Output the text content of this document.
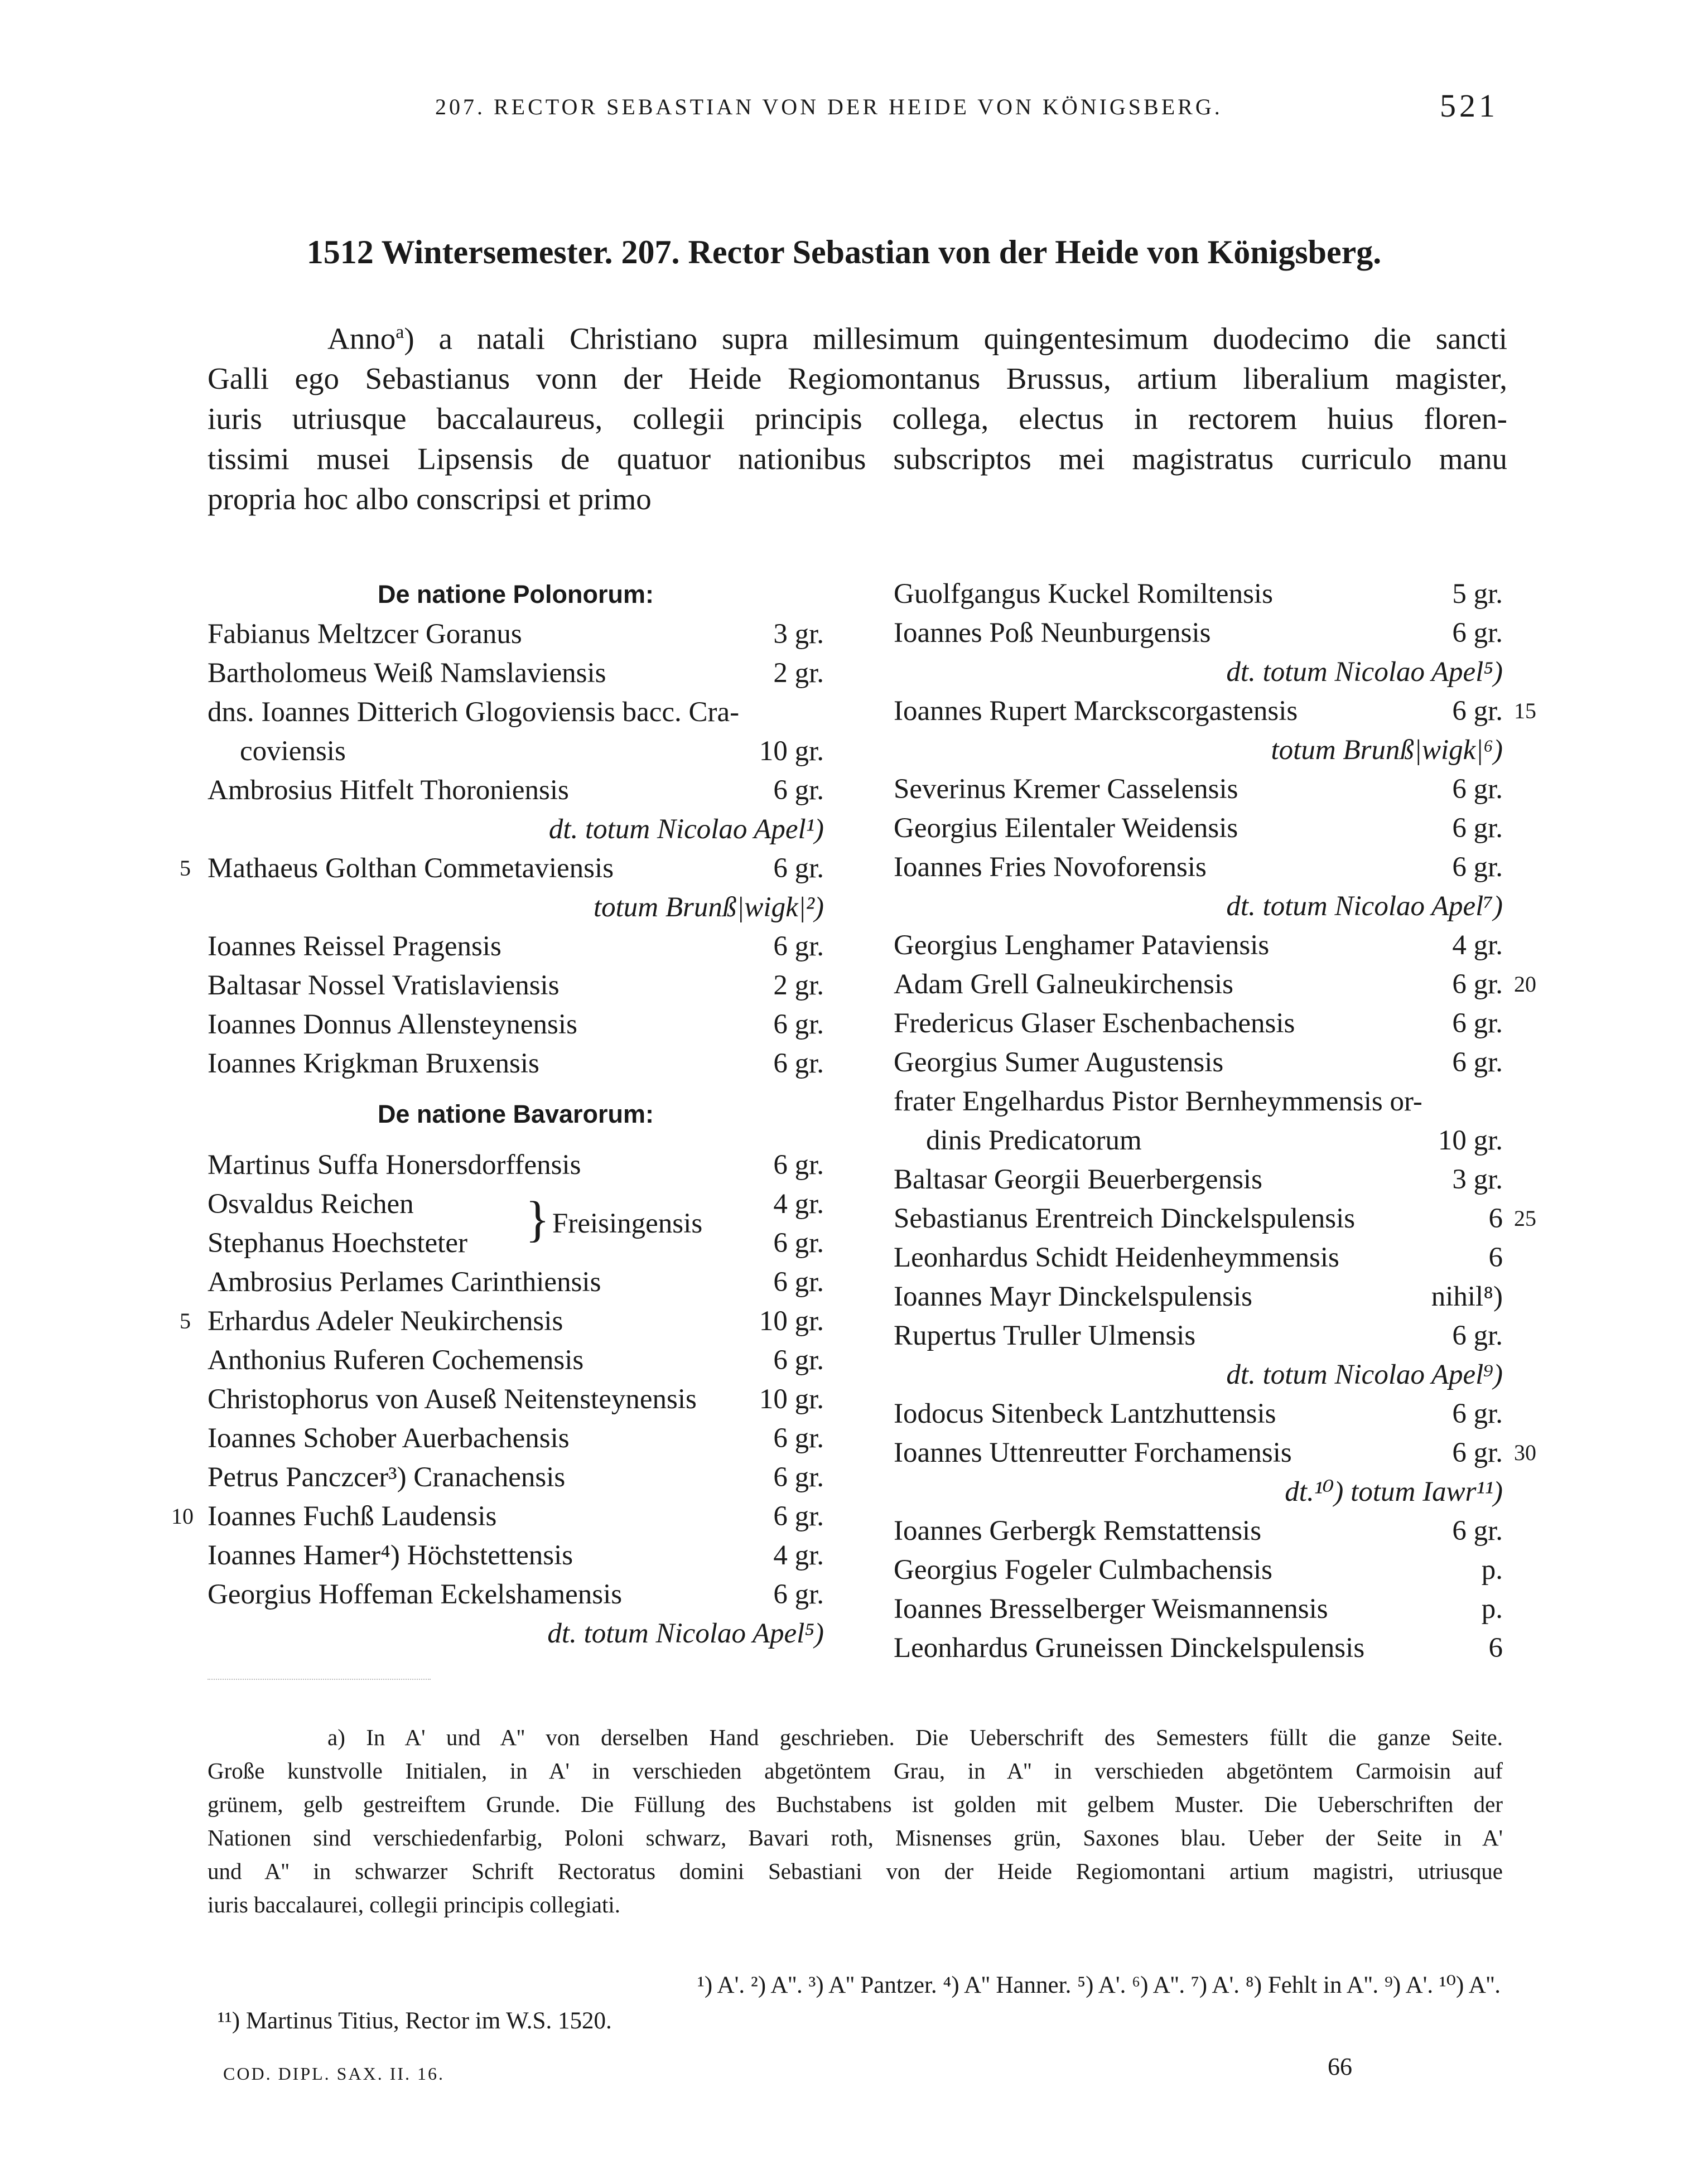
207. RECTOR SEBASTIAN VON DER HEIDE VON KÖNIGSBERG.	521
1512 Wintersemester. 207. Rector Sebastian von der Heide von Königsberg.
Anno$^a$) a natali Christiano supra millesimum quingentesimum duodecimo die sancti
Galli ego Sebastianus vonn der Heide Regiomontanus Brussus, artium liberalium magister,
iuris utriusque baccalaureus, collegii principis collega, electus in rectorem huius floren-
tissimi musei Lipsensis de quatuor nationibus subscriptos mei magistratus curriculo manu
propria hoc albo conscripsi et primo
De natione Polonorum:
Fabianus Meltzcer Goranus	3 gr.
Bartholomeus Weiß Namslaviensis	2 gr.
dns. Ioannes Ditterich Glogoviensis bacc. Cra-
coviensis	10 gr.
Ambrosius Hitfelt Thoroniensis	6 gr.
dt. totum Nicolao Apel¹)
5 Mathaeus Golthan Commetaviensis	6 gr.
totum Brunß|wigk|²)
Ioannes Reissel Pragensis	6 gr.
Baltasar Nossel Vratislaviensis	2 gr.
Ioannes Donnus Allensteynensis	6 gr.
Ioannes Krigkman Bruxensis	6 gr.
De natione Bavarorum:
Martinus Suffa Honersdorffensis	6 gr.
Osvaldus Reichen	4 gr.
Stephanus Hoechsteter	6 gr.
} Freisingensis
Ambrosius Perlames Carinthiensis	6 gr.
5 Erhardus Adeler Neukirchensis	10 gr.
Anthonius Ruferen Cochemensis	6 gr.
Christophorus von Auseß Neitensteynensis 10 gr.
Ioannes Schober Auerbachensis	6 gr.
Petrus Panczcer³) Cranachensis	6 gr.
10 Ioannes Fuchß Laudensis	6 gr.
Ioannes Hamer⁴) Höchstettensis	4 gr.
Georgius Hoffeman Eckelshamensis	6 gr.
dt. totum Nicolao Apel⁵)
Guolfgangus Kuckel Romiltensis	5 gr.
Ioannes Poß Neunburgensis	6 gr.
dt. totum Nicolao Apel⁵)
Ioannes Rupert Marckscorgastensis	6 gr. 15
totum Brunß|wigk|⁶)
Severinus Kremer Casselensis	6 gr.
Georgius Eilentaler Weidensis	6 gr.
Ioannes Fries Novoforensis	6 gr.
dt. totum Nicolao Apel⁷)
Georgius Lenghamer Pataviensis	4 gr.
Adam Grell Galneukirchensis	6 gr. 20
Fredericus Glaser Eschenbachensis	6 gr.
Georgius Sumer Augustensis	6 gr.
frater Engelhardus Pistor Bernheymmensis or-
dinis Predicatorum	10 gr.
Baltasar Georgii Beuerbergensis	3 gr.
Sebastianus Erentreich Dinckelspulensis	6 25
Leonhardus Schidt Heidenheymmensis	6
Ioannes Mayr Dinckelspulensis	nihil⁸)
Rupertus Truller Ulmensis	6 gr.
dt. totum Nicolao Apel⁹)
Iodocus Sitenbeck Lantzhuttensis	6 gr.
Ioannes Uttenreutter Forchamensis	6 gr. 30
dt.¹⁰) totum Iawr¹¹)
Ioannes Gerbergk Remstattensis	6 gr.
Georgius Fogeler Culmbachensis	p.
Ioannes Bresselberger Weismannensis	p.
Leonhardus Gruneissen Dinckelspulensis	6
a) In A' und A'' von derselben Hand geschrieben. Die Ueberschrift des Semesters füllt die ganze Seite.
Große kunstvolle Initialen, in A' in verschieden abgetöntem Grau, in A'' in verschieden abgetöntem Carmoisin auf
grünem, gelb gestreiftem Grunde. Die Füllung des Buchstabens ist golden mit gelbem Muster. Die Ueberschriften der
Nationen sind verschiedenfarbig, Poloni schwarz, Bavari roth, Misnenses grün, Saxones blau. Ueber der Seite in A'
und A'' in schwarzer Schrift Rectoratus domini Sebastiani von der Heide Regiomontani artium magistri, utriusque
iuris baccalaurei, collegii principis collegiati.
¹) A'. ²) A''. ³) A'' Pantzer. ⁴) A'' Hanner. ⁵) A'. ⁶) A''. ⁷) A'. ⁸) Fehlt in A''. ⁹) A'. ¹⁰) A''.
¹¹) Martinus Titius, Rector im W.S. 1520.
COD. DIPL. SAX. II. 16.	66
